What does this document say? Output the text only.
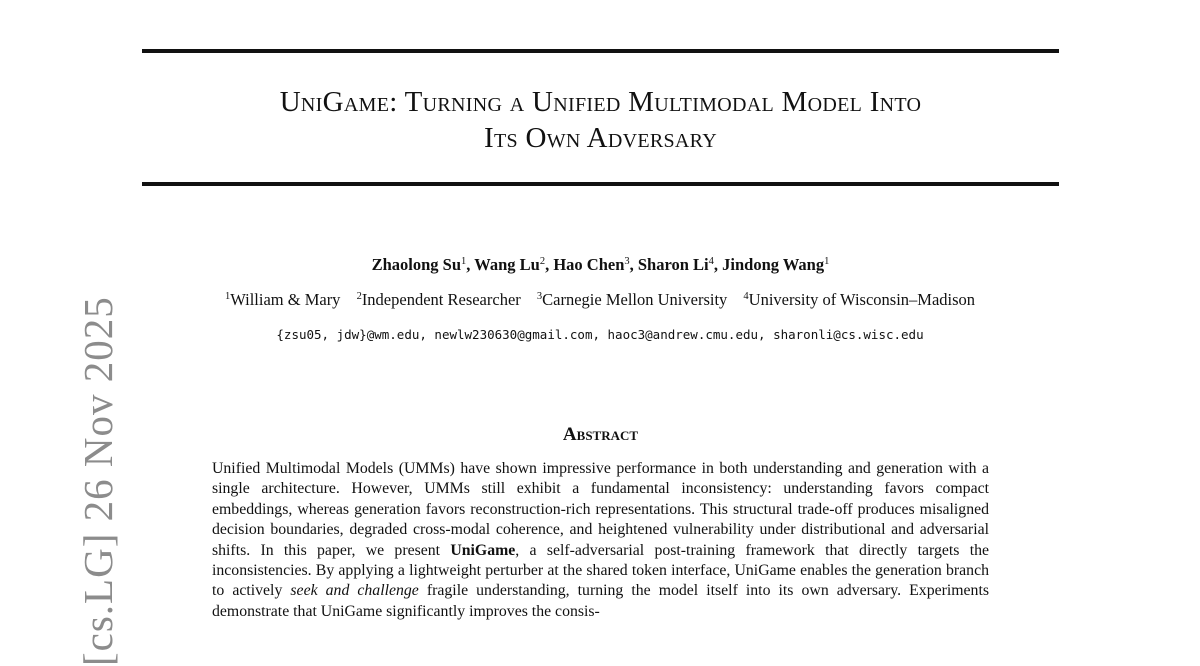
UniGame: Turning a Unified Multimodal Model Into
Its Own Adversary
Zhaolong Su$^1$, Wang Lu$^2$, Hao Chen$^3$, Sharon Li$^4$, Jindong Wang$^1$
$^1$William & Mary $^2$Independent Researcher $^3$Carnegie Mellon University $^4$University of Wisconsin–Madison
{zsu05, jdw}@wm.edu, newlw230630@gmail.com, haoc3@andrew.cmu.edu, sharonli@cs.wisc.edu
Abstract
Unified Multimodal Models (UMMs) have shown impressive performance in both understanding and generation with a single architecture. However, UMMs still exhibit a fundamental inconsistency: understanding favors compact embeddings, whereas generation favors reconstruction-rich representations. This structural trade-off produces misaligned decision boundaries, degraded cross-modal coherence, and heightened vulnerability under distributional and adversarial shifts. In this paper, we present UniGame, a self-adversarial post-training framework that directly targets the inconsistencies. By applying a lightweight perturber at the shared token interface, UniGame enables the generation branch to actively seek and challenge fragile understanding, turning the model itself into its own adversary. Experiments demonstrate that UniGame significantly improves the consis-
[cs.LG] 26 Nov 2025
